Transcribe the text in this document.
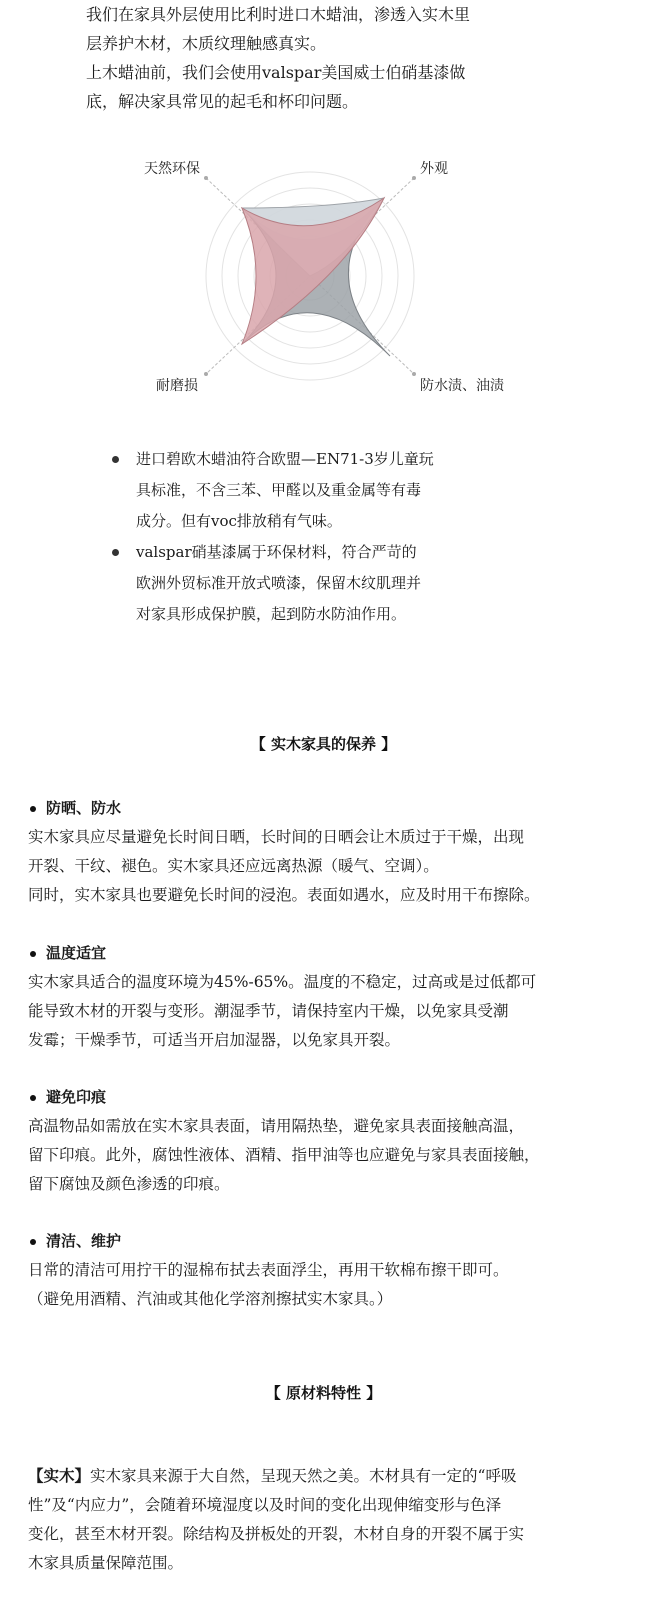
我们在家具外层使用比利时进口木蜡油，渗透入实木里

层养护木材，木质纹理触感真实。

上木蜡油前，我们会使用valspar美国威士伯硝基漆做

底，解决家具常见的起毛和杯印问题。

天然环保	外观
耐磨损	防水渍、油渍
进口碧欧木蜡油符合欧盟—EN71-3岁儿童玩
具标准，不含三苯、甲醛以及重金属等有毒
成分。但有voc排放稍有气味。
valspar硝基漆属于环保材料，符合严苛的
欧洲外贸标准开放式喷漆，保留木纹肌理并
对家具形成保护膜，起到防水防油作用。
【 实木家具的保养 】
防晒、防水

实木家具应尽量避免长时间日晒，长时间的日晒会让木质过于干燥，出现

开裂、干纹、褪色。实木家具还应远离热源（暖气、空调）。

同时，实木家具也要避免长时间的浸泡。表面如遇水，应及时用干布擦除。

温度适宜

实木家具适合的温度环境为45%-65%。温度的不稳定，过高或是过低都可

能导致木材的开裂与变形。潮湿季节，请保持室内干燥，以免家具受潮

发霉；干燥季节，可适当开启加湿器，以免家具开裂。

避免印痕

高温物品如需放在实木家具表面，请用隔热垫，避免家具表面接触高温，

留下印痕。此外，腐蚀性液体、酒精、指甲油等也应避免与家具表面接触，

留下腐蚀及颜色渗透的印痕。

清洁、维护

日常的清洁可用拧干的湿棉布拭去表面浮尘，再用干软棉布擦干即可。

（避免用酒精、汽油或其他化学溶剂擦拭实木家具。）

【 原材料特性 】
【实木】实木家具来源于大自然，呈现天然之美。木材具有一定的“呼吸
性”及“内应力”，会随着环境湿度以及时间的变化出现伸缩变形与色泽
变化，甚至木材开裂。除结构及拼板处的开裂，木材自身的开裂不属于实
木家具质量保障范围。
